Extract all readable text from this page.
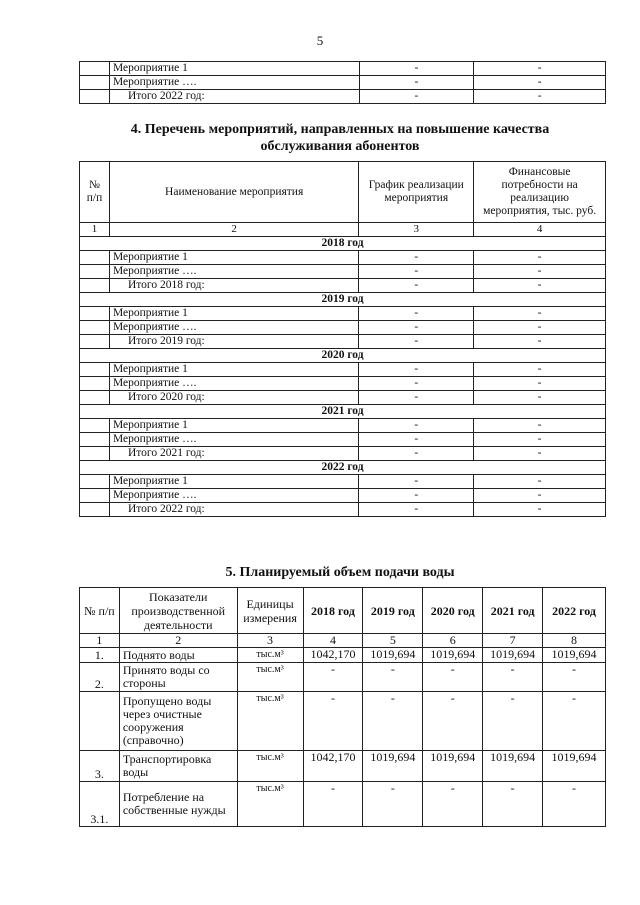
5
	Мероприятие 1	-	-
	Мероприятие ….	-	-
	Итого 2022 год:	-	-
4. Перечень мероприятий, направленных на повышение качества
обслуживания абонентов
№ п/п	Наименование мероприятия	График реализации мероприятия	Финансовые потребности на реализацию мероприятия, тыс. руб.
1	2	3	4
2018 год			
	Мероприятие 1	-	-
	Мероприятие ….	-	-
	Итого 2018 год:	-	-
2019 год			
	Мероприятие 1	-	-
	Мероприятие ….	-	-
	Итого 2019 год:	-	-
2020 год			
	Мероприятие 1	-	-
	Мероприятие ….	-	-
	Итого 2020 год:	-	-
2021 год			
	Мероприятие 1	-	-
	Мероприятие ….	-	-
	Итого 2021 год:	-	-
2022 год			
	Мероприятие 1	-	-
	Мероприятие ….	-	-
	Итого 2022 год:	-	-
5. Планируемый объем подачи воды
№ п/п	Показатели производственной деятельности	Единицы измерения	2018 год	2019 год	2020 год	2021 год	2022 год
1	2	3	4	5	6	7	8
1.	Поднято воды	тыс.м³	1042,170	1019,694	1019,694	1019,694	1019,694
2.	Принято воды со стороны	тыс.м³	-	-	-	-	-
	Пропущено воды через очистные сооружения (справочно)	тыс.м³	-	-	-	-	-
3.	Транспортировка воды	тыс.м³	1042,170	1019,694	1019,694	1019,694	1019,694
3.1.	Потребление на собственные нужды	тыс.м³	-	-	-	-	-
